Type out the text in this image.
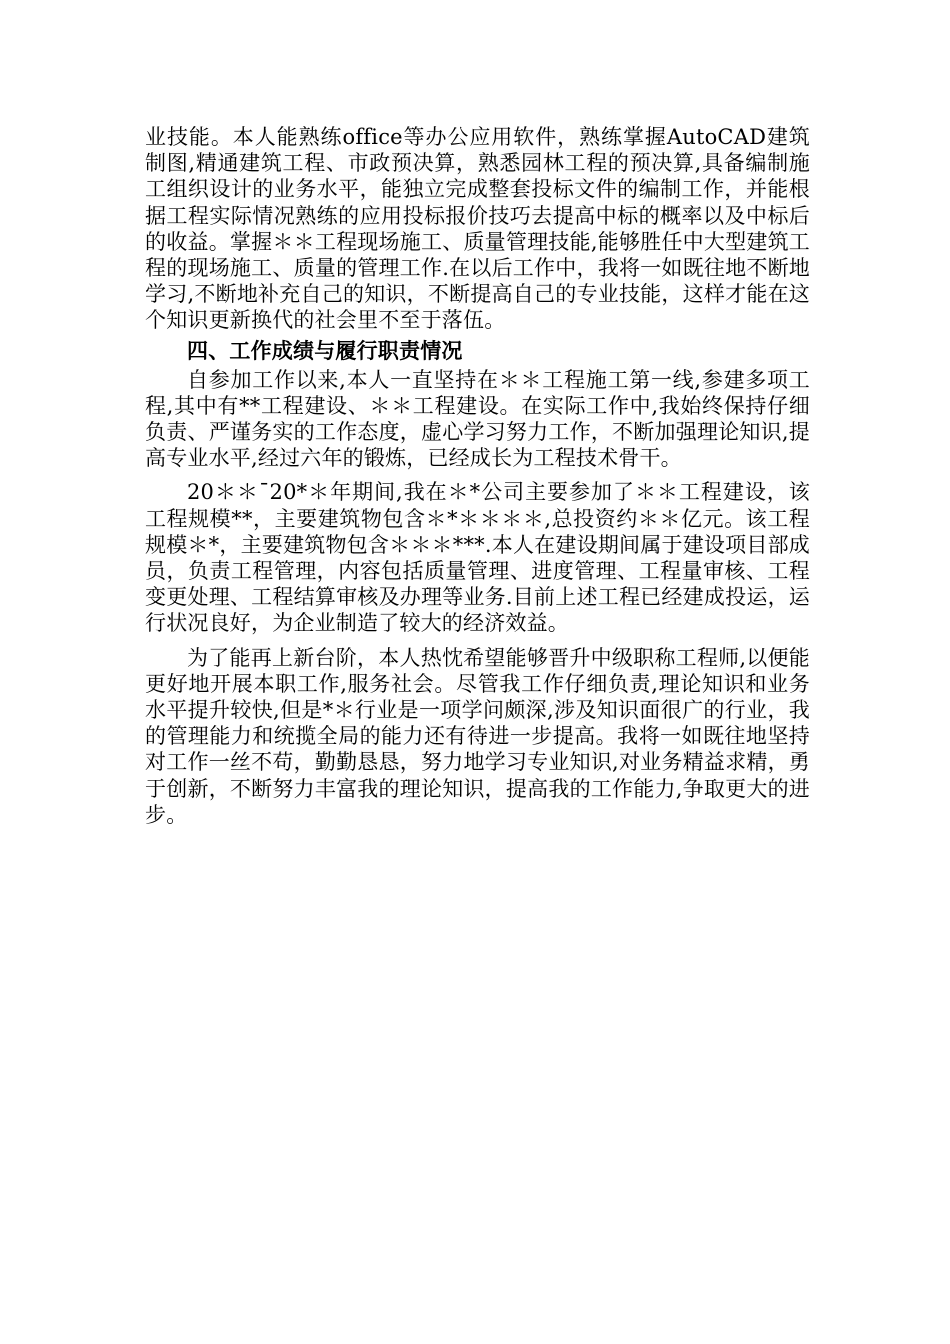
业技能。本人能熟练office等办公应用软件，熟练掌握AutoCAD建筑制图,精通建筑工程、市政预决算，熟悉园林工程的预决算,具备编制施工组织设计的业务水平，能独立完成整套投标文件的编制工作，并能根据工程实际情况熟练的应用投标报价技巧去提高中标的概率以及中标后的收益。掌握＊＊工程现场施工、质量管理技能,能够胜任中大型建筑工程的现场施工、质量的管理工作.在以后工作中，我将一如既往地不断地学习,不断地补充自己的知识，不断提高自己的专业技能，这样才能在这个知识更新换代的社会里不至于落伍。

四、工作成绩与履行职责情况

自参加工作以来,本人一直坚持在＊＊工程施工第一线,参建多项工程,其中有**工程建设、＊＊工程建设。在实际工作中,我始终保持仔细负责、严谨务实的工作态度，虚心学习努力工作，不断加强理论知识,提高专业水平,经过六年的锻炼，已经成长为工程技术骨干。

20＊＊¯20*＊年期间,我在＊*公司主要参加了＊＊工程建设，该工程规模**，主要建筑物包含＊*＊＊＊＊,总投资约＊＊亿元。该工程规模＊*，主要建筑物包含＊＊＊***.本人在建设期间属于建设项目部成员，负责工程管理，内容包括质量管理、进度管理、工程量审核、工程变更处理、工程结算审核及办理等业务.目前上述工程已经建成投运，运行状况良好，为企业制造了较大的经济效益。

为了能再上新台阶，本人热忱希望能够晋升中级职称工程师,以便能更好地开展本职工作,服务社会。尽管我工作仔细负责,理论知识和业务水平提升较快,但是*＊行业是一项学问颇深,涉及知识面很广的行业，我的管理能力和统揽全局的能力还有待进一步提高。我将一如既往地坚持对工作一丝不苟，勤勤恳恳，努力地学习专业知识,对业务精益求精，勇于创新，不断努力丰富我的理论知识，提高我的工作能力,争取更大的进步。
